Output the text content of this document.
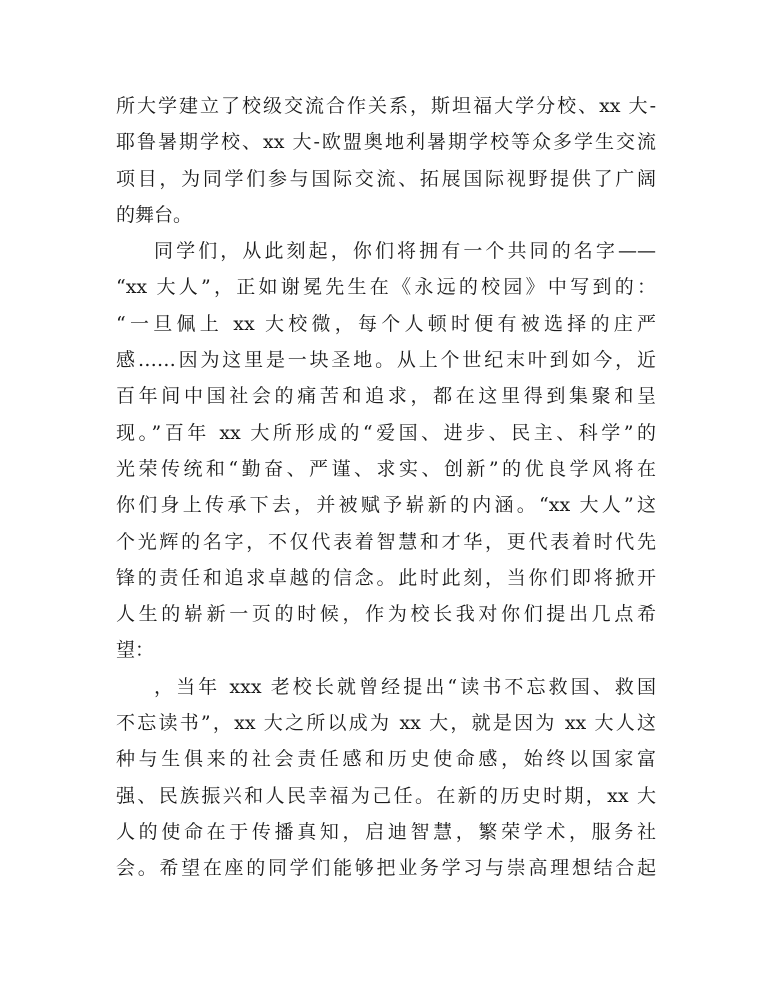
所大学建立了校级交流合作关系，斯坦福大学分校、xx 大-
耶鲁暑期学校、xx 大-欧盟奥地利暑期学校等众多学生交流
项目，为同学们参与国际交流、拓展国际视野提供了广阔
的舞台。
同学们，从此刻起，你们将拥有一个共同的名字——
“xx 大人”，正如谢冕先生在《永远的校园》中写到的：
“一旦佩上 xx 大校微，每个人顿时便有被选择的庄严
感……因为这里是一块圣地。从上个世纪末叶到如今，近
百年间中国社会的痛苦和追求，都在这里得到集聚和呈
现。”百年 xx 大所形成的“爱国、进步、民主、科学”的
光荣传统和“勤奋、严谨、求实、创新”的优良学风将在
你们身上传承下去，并被赋予崭新的内涵。“xx 大人”这
个光辉的名字，不仅代表着智慧和才华，更代表着时代先
锋的责任和追求卓越的信念。此时此刻，当你们即将掀开
人生的崭新一页的时候，作为校长我对你们提出几点希
望：
，当年 xxx 老校长就曾经提出“读书不忘救国、救国
不忘读书”，xx 大之所以成为 xx 大，就是因为 xx 大人这
种与生俱来的社会责任感和历史使命感，始终以国家富
强、民族振兴和人民幸福为己任。在新的历史时期，xx 大
人的使命在于传播真知，启迪智慧，繁荣学术，服务社
会。希望在座的同学们能够把业务学习与崇高理想结合起
